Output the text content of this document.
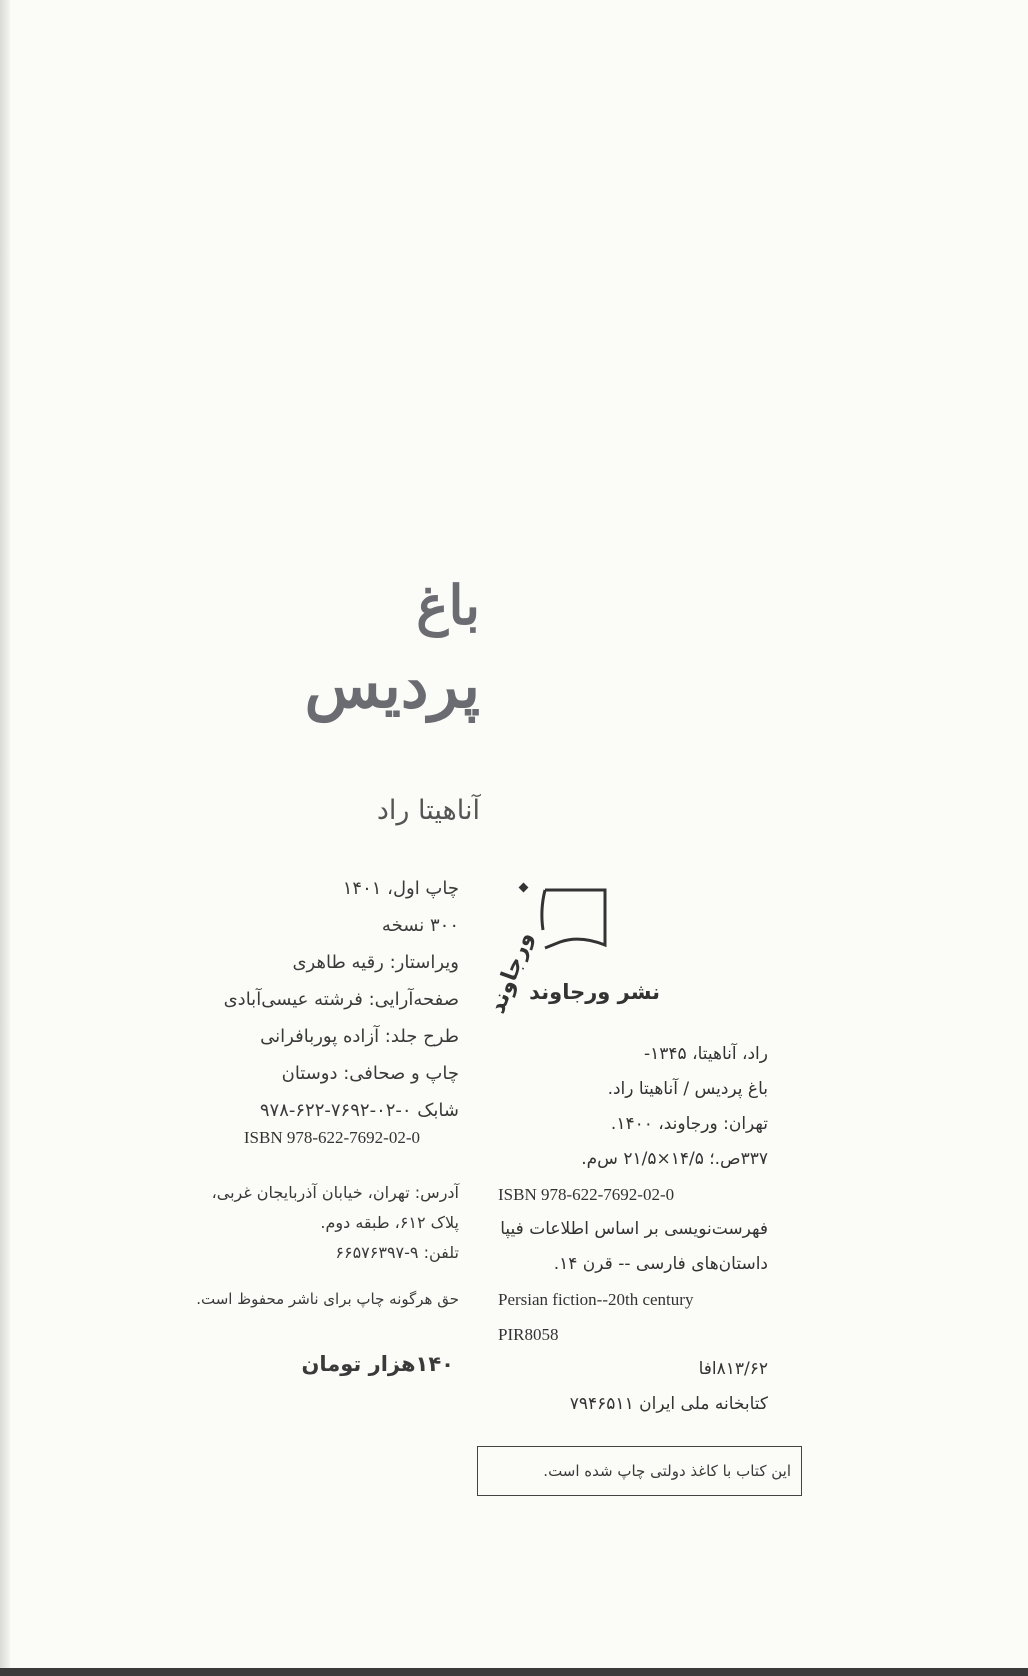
باغ
پردیس
آناهیتا راد
چاپ اول، ۱۴۰۱
۳۰۰ نسخه
ویراستار: رقیه طاهری
صفحه‌آرایی: فرشته عیسی‌آبادی
طرح جلد: آزاده پوربافرانی
چاپ و صحافی: دوستان
شابک ۰-۰۲-۷۶۹۲-۶۲۲-۹۷۸
ISBN 978-622-7692-02-0
آدرس: تهران، خیابان آذربایجان غربی،
پلاک ۶۱۲، طبقه دوم.
تلفن: ۹-۶۶۵۷۶۳۹۷
حق هرگونه چاپ برای ناشر محفوظ است.
۱۴۰هزار تومان
ورجاوند
نشر ورجاوند
راد، آناهیتا، ۱۳۴۵-
باغ پردیس / آناهیتا راد.
تهران: ورجاوند، ۱۴۰۰.
۳۳۷ص.؛ ۱۴/۵×۲۱/۵ س‌م.
ISBN 978-622-7692-02-0
فهرست‌نویسی بر اساس اطلاعات فیپا
داستان‌های فارسی -- قرن ۱۴.
Persian fiction--20th century
PIR8058
۸۱۳/۶۲افا
کتابخانه ملی ایران ۷۹۴۶۵۱۱
این کتاب با کاغذ دولتی چاپ شده است.
